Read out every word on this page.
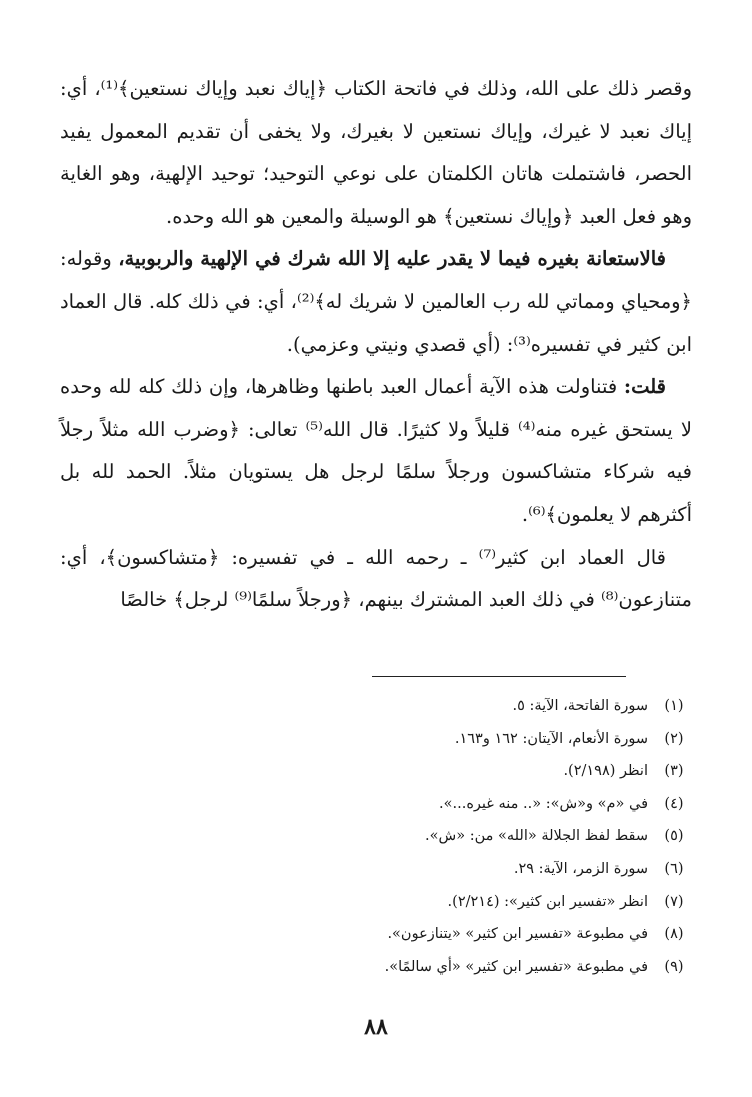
وقصر ذلك على الله، وذلك في فاتحة الكتاب ﴿إياك نعبد وإياك نستعين﴾⁽¹⁾، أي: إياك نعبد لا غيرك، وإياك نستعين لا بغيرك، ولا يخفى أن تقديم المعمول يفيد الحصر، فاشتملت هاتان الكلمتان على نوعي التوحيد؛ توحيد الإلهية، وهو الغاية وهو فعل العبد ﴿وإياك نستعين﴾ هو الوسيلة والمعين هو الله وحده.

فالاستعانة بغيره فيما لا يقدر عليه إلا الله شرك في الإلهية والربوبية، وقوله: ﴿ومحياي ومماتي لله رب العالمين لا شريك له﴾⁽²⁾، أي: في ذلك كله. قال العماد ابن كثير في تفسيره⁽³⁾: (أي قصدي ونيتي وعزمي).

قلت: فتناولت هذه الآية أعمال العبد باطنها وظاهرها، وإن ذلك كله لله وحده لا يستحق غيره منه⁽⁴⁾ قليلاً ولا كثيرًا. قال الله⁽⁵⁾ تعالى: ﴿وضرب الله مثلاً رجلاً فيه شركاء متشاكسون ورجلاً سلمًا لرجل هل يستويان مثلاً. الحمد لله بل أكثرهم لا يعلمون﴾⁽⁶⁾.

قال العماد ابن كثير⁽⁷⁾ ـ رحمه الله ـ في تفسيره: ﴿متشاكسون﴾، أي: متنازعون⁽⁸⁾ في ذلك العبد المشترك بينهم، ﴿ورجلاً سلمًا⁽⁹⁾ لرجل﴾ خالصًا

(١)
سورة الفاتحة، الآية: ٥.
(٢)
سورة الأنعام، الآيتان: ١٦٢ و١٦٣.
(٣)
انظر (٢/١٩٨).
(٤)
في «م» و«ش»: «.. منه غيره...».
(٥)
سقط لفظ الجلالة «الله» من: «ش».
(٦)
سورة الزمر، الآية: ٢٩.
(٧)
انظر «تفسير ابن كثير»: (٢/٢١٤).
(٨)
في مطبوعة «تفسير ابن كثير» «يتنازعون».
(٩)
في مطبوعة «تفسير ابن كثير» «أي سالمًا».
٨٨
